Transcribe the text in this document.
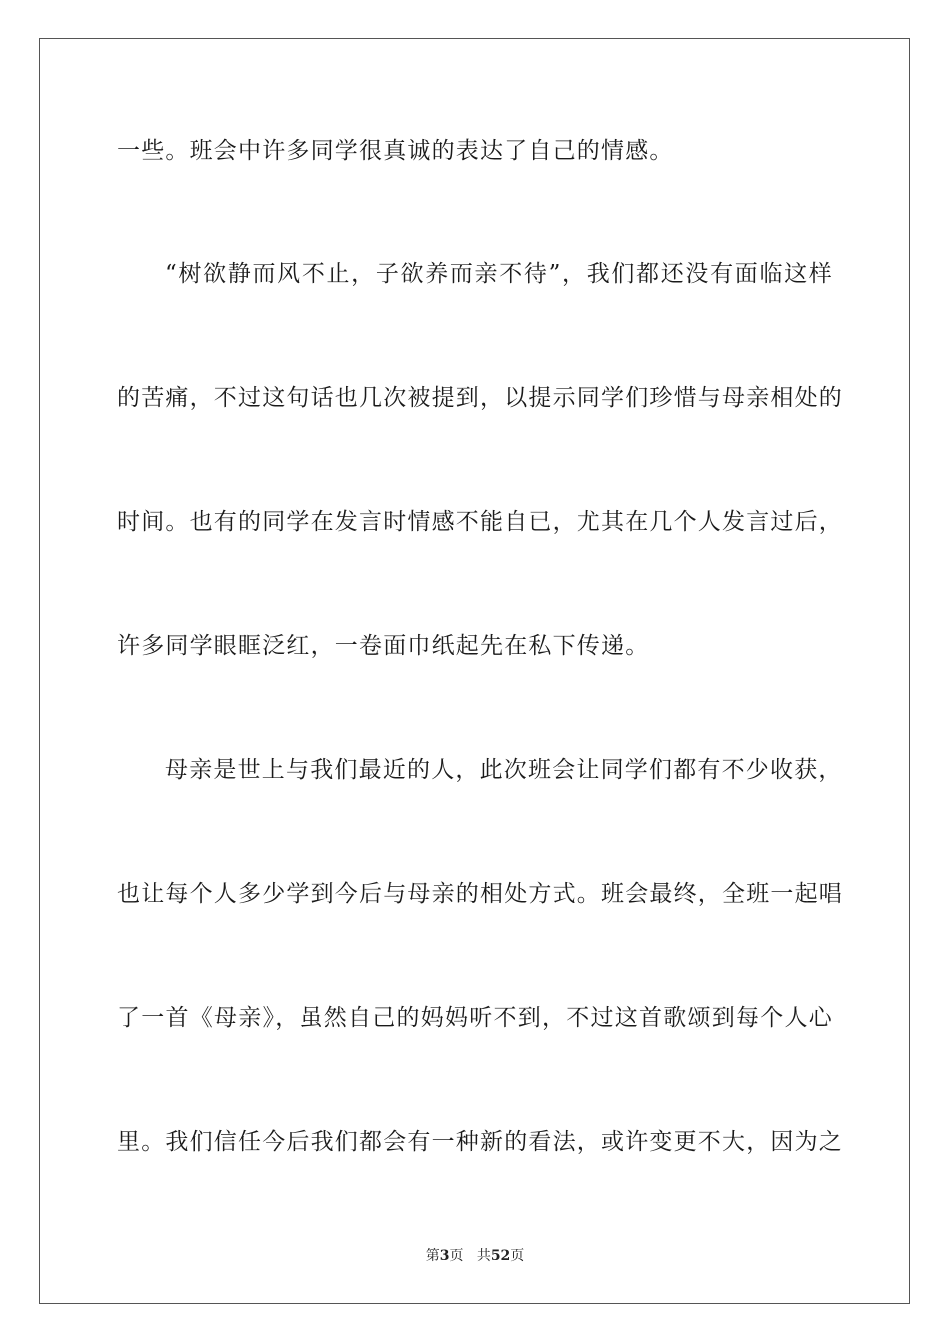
一些。班会中许多同学很真诚的表达了自己的情感。
“树欲静而风不止，子欲养而亲不待”，我们都还没有面临这样
的苦痛，不过这句话也几次被提到，以提示同学们珍惜与母亲相处的
时间。也有的同学在发言时情感不能自已，尤其在几个人发言过后，
许多同学眼眶泛红，一卷面巾纸起先在私下传递。
母亲是世上与我们最近的人，此次班会让同学们都有不少收获，
也让每个人多少学到今后与母亲的相处方式。班会最终，全班一起唱
了一首《母亲》，虽然自己的妈妈听不到，不过这首歌颂到每个人心
里。我们信任今后我们都会有一种新的看法，或许变更不大，因为之
第3页 共52页
